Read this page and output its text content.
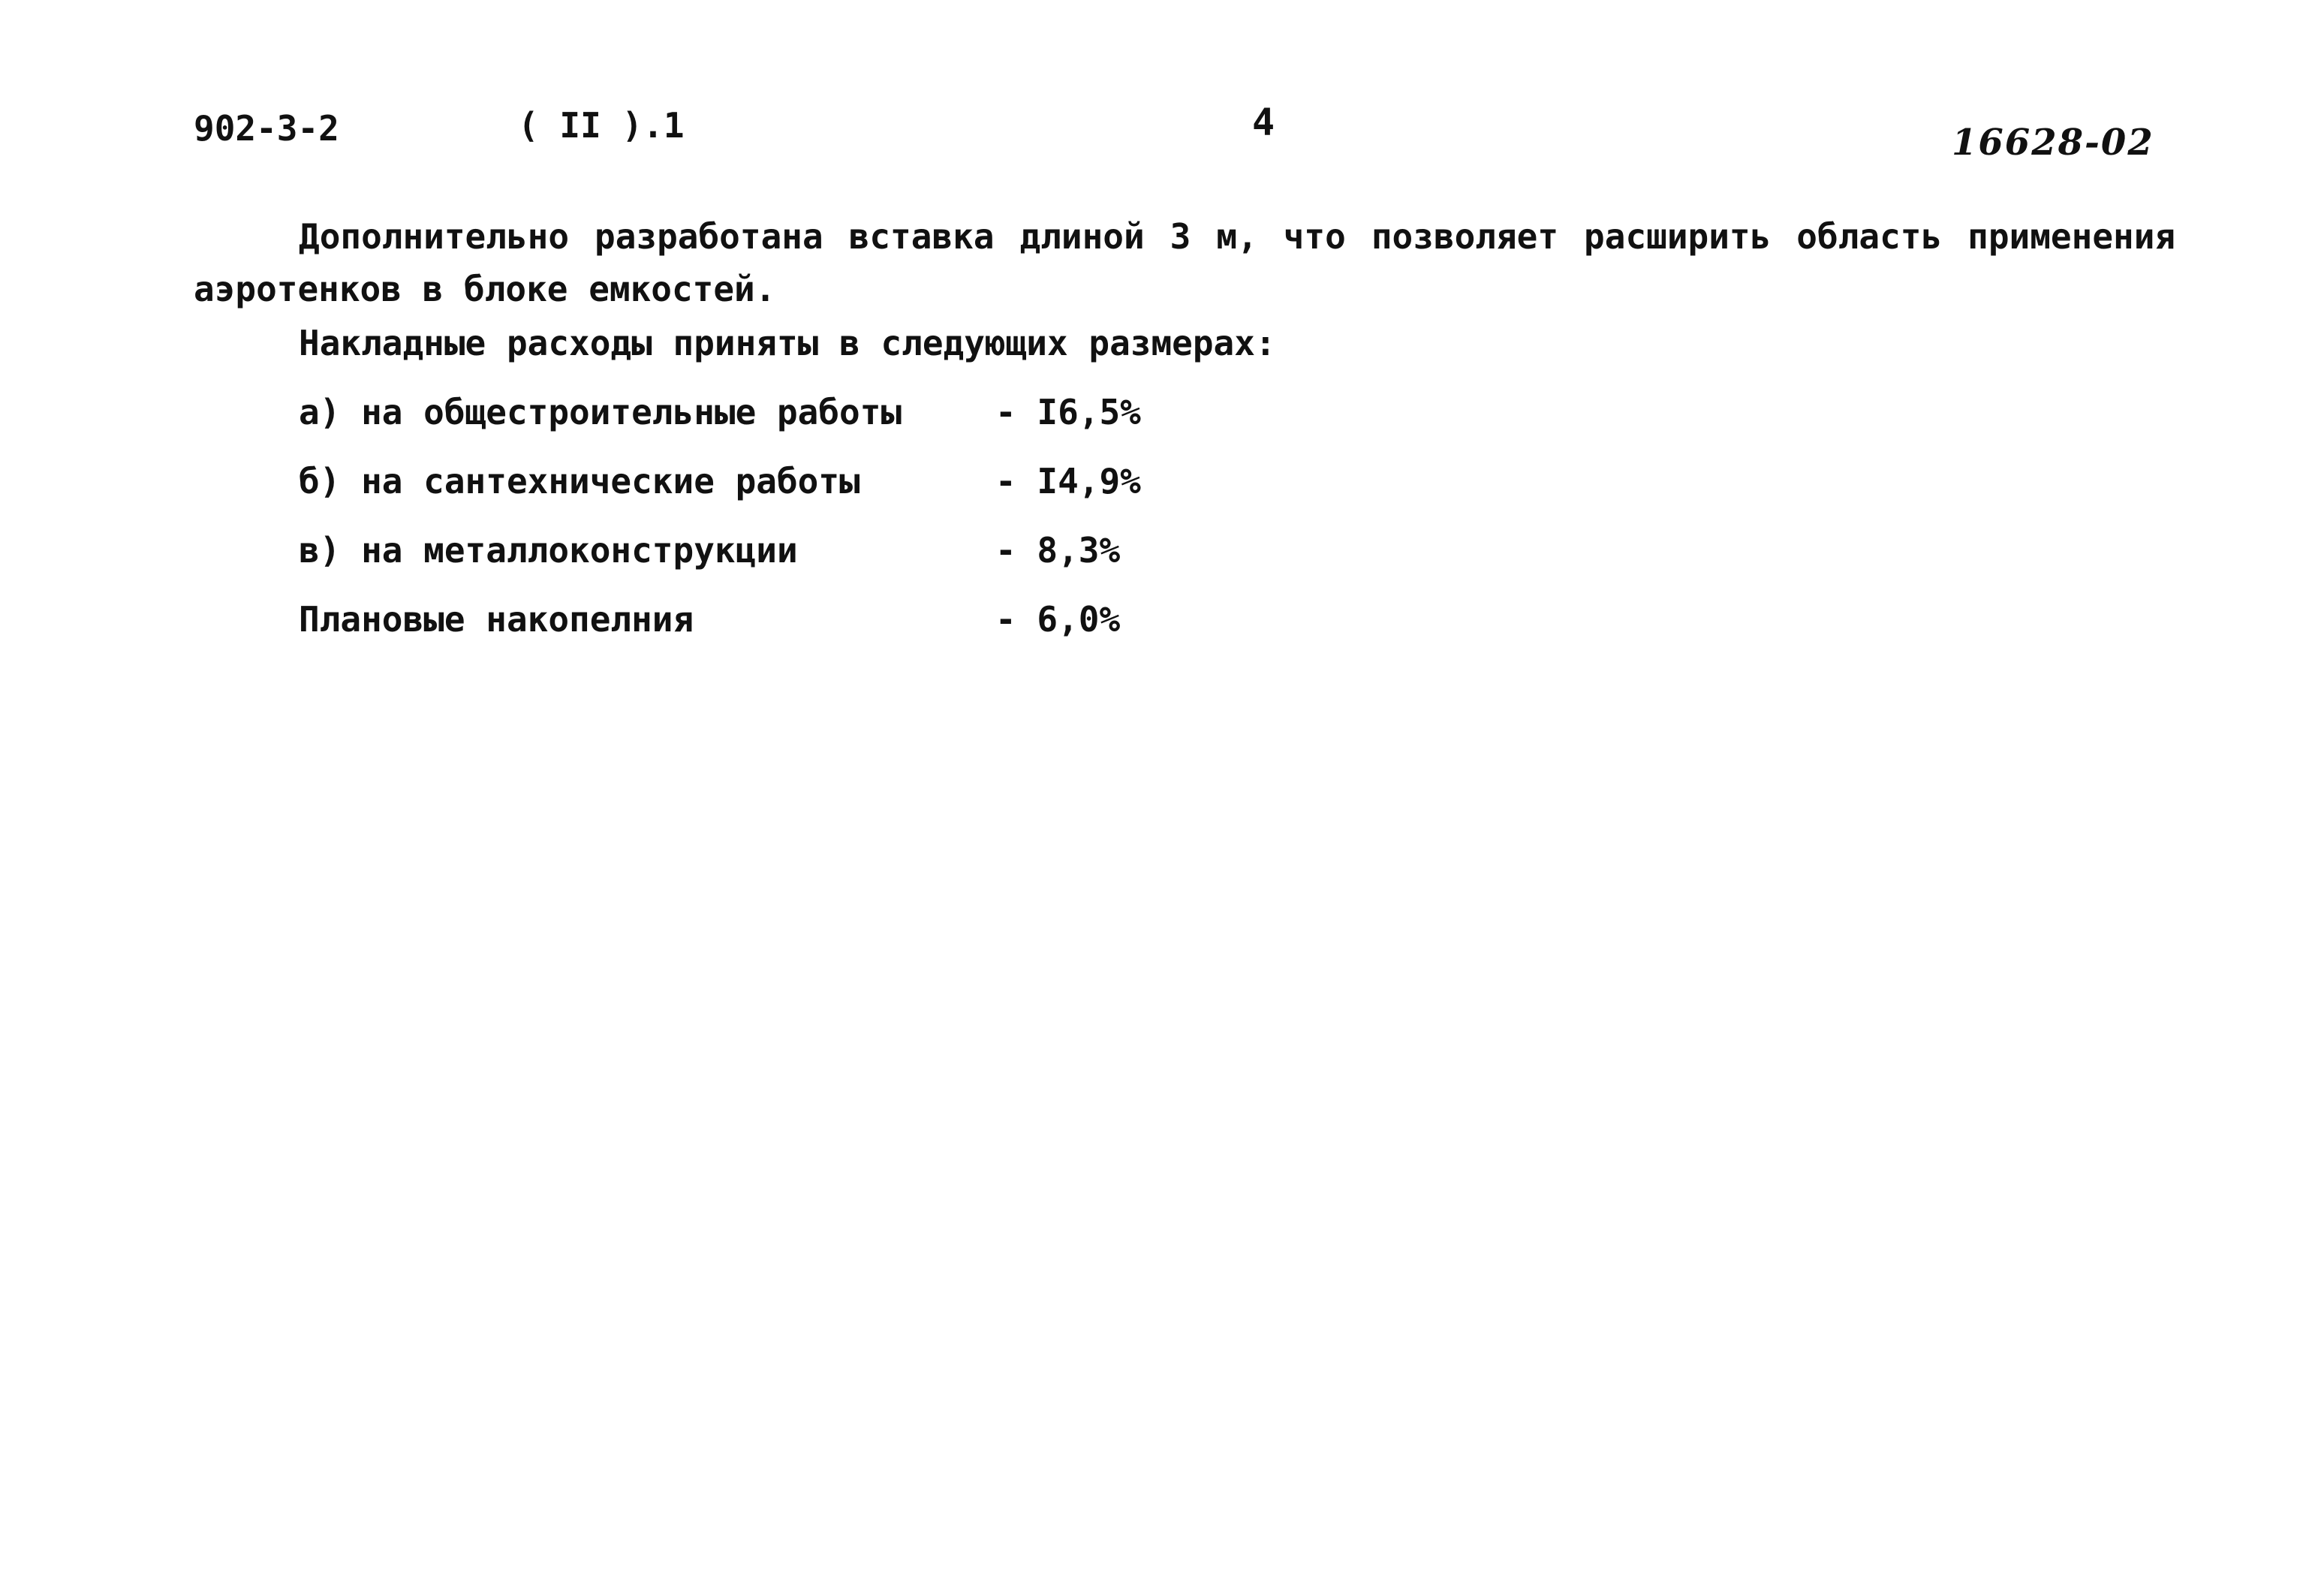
902-3-2	( II ).1	4	16628-02
Дополнительно разработана вставка длиной 3 м, что позволяет расширить область применения
аэротенков в блоке емкостей.
Накладные расходы приняты в следующих размерах:
а) на общестроительные работы	- I6,5%
б) на сантехнические работы	- I4,9%
в) на металлоконструкции	- 8,3%
Плановые накопелния	- 6,0%
